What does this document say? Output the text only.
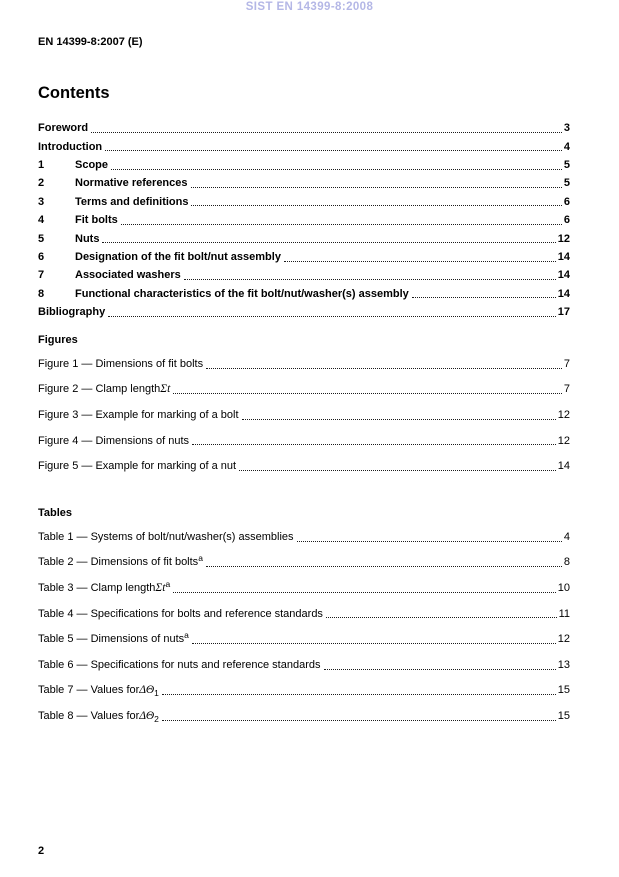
SIST EN 14399-8:2008
EN 14399-8:2007 (E)
Contents
Foreword	3
Introduction	4
1	Scope	5
2	Normative references	5
3	Terms and definitions	6
4	Fit bolts	6
5	Nuts	12
6	Designation of the fit bolt/nut assembly	14
7	Associated washers	14
8	Functional characteristics of the fit bolt/nut/washer(s) assembly	14
Bibliography	17
Figures
Figure 1 — Dimensions of fit bolts	7
Figure 2 — Clamp length Σt	7
Figure 3 — Example for marking of a bolt	12
Figure 4 — Dimensions of nuts	12
Figure 5 — Example for marking of a nut	14
Tables
Table 1 — Systems of bolt/nut/washer(s) assemblies	4
Table 2 — Dimensions of fit bolts a	8
Table 3 — Clamp length Σt a	10
Table 4 — Specifications for bolts and reference standards	11
Table 5 — Dimensions of nuts a	12
Table 6 — Specifications for nuts and reference standards	13
Table 7 — Values for ΔΘ 1	15
Table 8 — Values for ΔΘ 2	15
2
